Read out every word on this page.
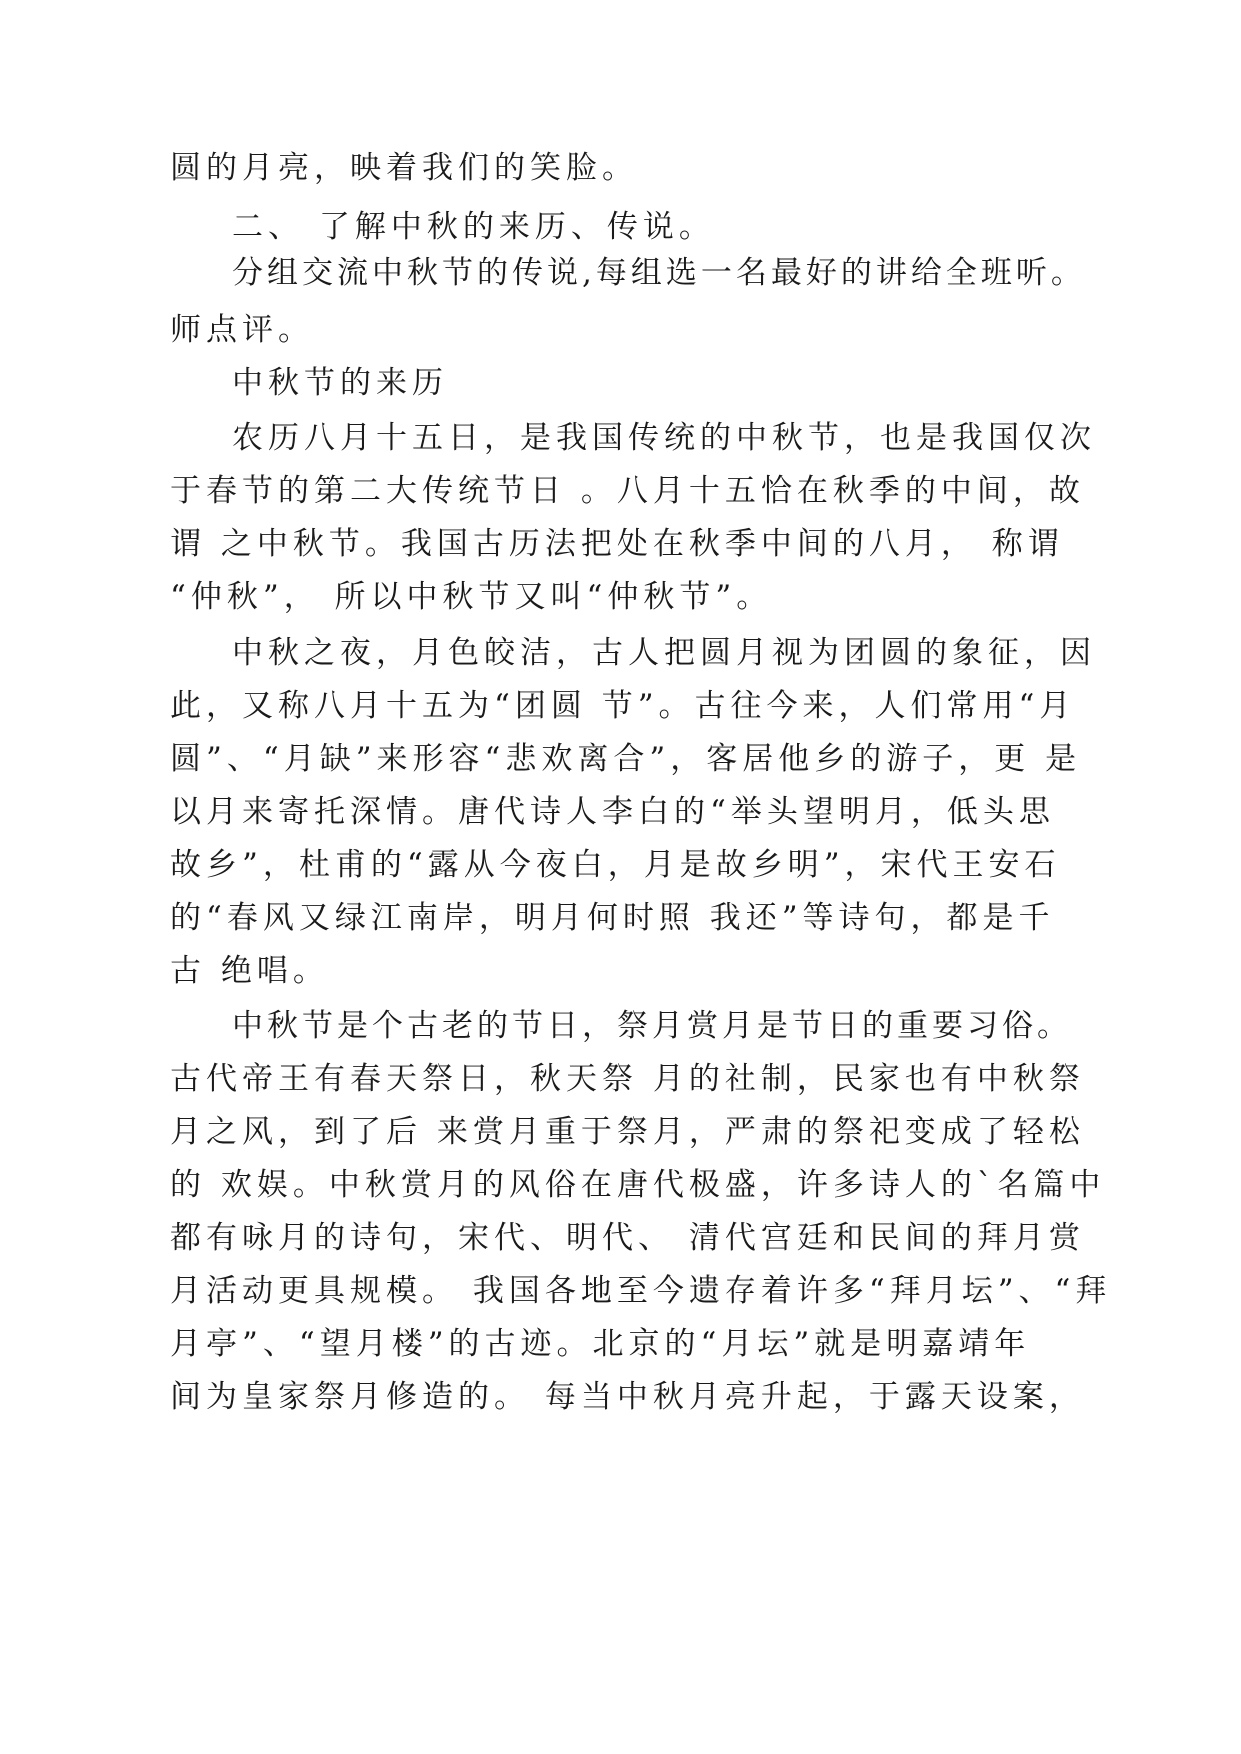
圆的月亮，映着我们的笑脸。
二、 了解中秋的来历、传说。
分组交流中秋节的传说,每组选一名最好的讲给全班听。
师点评。
中秋节的来历
农历八月十五日，是我国传统的中秋节，也是我国仅次
于春节的第二大传统节日 。八月十五恰在秋季的中间，故
谓 之中秋节。我国古历法把处在秋季中间的八月， 称谓
“仲秋”， 所以中秋节又叫“仲秋节”。
中秋之夜，月色皎洁，古人把圆月视为团圆的象征，因
此，又称八月十五为“团圆 节”。古往今来，人们常用“月
圆”、“月缺”来形容“悲欢离合”，客居他乡的游子，更 是
以月来寄托深情。唐代诗人李白的“举头望明月，低头思
故乡”，杜甫的“露从今夜白，月是故乡明”，宋代王安石
的“春风又绿江南岸，明月何时照 我还”等诗句，都是千
古 绝唱。
中秋节是个古老的节日，祭月赏月是节日的重要习俗。
古代帝王有春天祭日，秋天祭 月的社制，民家也有中秋祭
月之风，到了后 来赏月重于祭月，严肃的祭祀变成了轻松
的 欢娱。中秋赏月的风俗在唐代极盛，许多诗人的`名篇中
都有咏月的诗句，宋代、明代、 清代宫廷和民间的拜月赏
月活动更具规模。 我国各地至今遗存着许多“拜月坛”、“拜
月亭”、“望月楼”的古迹。北京的“月坛”就是明嘉靖年
间为皇家祭月修造的。 每当中秋月亮升起，于露天设案，
